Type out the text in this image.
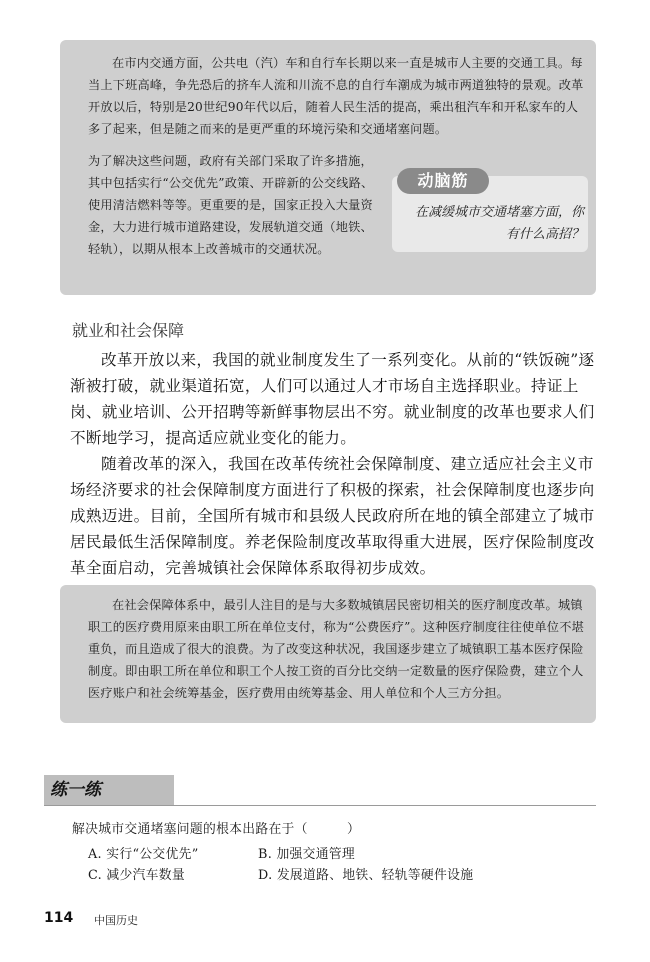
在市内交通方面，公共电（汽）车和自行车长期以来一直是城市人主要的交通工具。每当上下班高峰，争先恐后的挤车人流和川流不息的自行车潮成为城市两道独特的景观。改革开放以后，特别是20世纪90年代以后，随着人民生活的提高，乘出租汽车和开私家车的人多了起来，但是随之而来的是更严重的环境污染和交通堵塞问题。

为了解决这些问题，政府有关部门采取了许多措施，其中包括实行“公交优先”政策、开辟新的公交线路、使用清洁燃料等等。更重要的是，国家正投入大量资金，大力进行城市道路建设，发展轨道交通（地铁、轻轨），以期从根本上改善城市的交通状况。

动脑筋

在减缓城市交通堵塞方面，你有什么高招？

就业和社会保障

改革开放以来，我国的就业制度发生了一系列变化。从前的“铁饭碗”逐渐被打破，就业渠道拓宽，人们可以通过人才市场自主选择职业。持证上岗、就业培训、公开招聘等新鲜事物层出不穷。就业制度的改革也要求人们不断地学习，提高适应就业变化的能力。

随着改革的深入，我国在改革传统社会保障制度、建立适应社会主义市场经济要求的社会保障制度方面进行了积极的探索，社会保障制度也逐步向成熟迈进。目前，全国所有城市和县级人民政府所在地的镇全部建立了城市居民最低生活保障制度。养老保险制度改革取得重大进展，医疗保险制度改革全面启动，完善城镇社会保障体系取得初步成效。

在社会保障体系中，最引人注目的是与大多数城镇居民密切相关的医疗制度改革。城镇职工的医疗费用原来由职工所在单位支付，称为“公费医疗”。这种医疗制度往往使单位不堪重负，而且造成了很大的浪费。为了改变这种状况，我国逐步建立了城镇职工基本医疗保险制度。即由职工所在单位和职工个人按工资的百分比交纳一定数量的医疗保险费，建立个人医疗账户和社会统筹基金，医疗费用由统筹基金、用人单位和个人三方分担。

练一练

解决城市交通堵塞问题的根本出路在于（　　　）

A. 实行“公交优先”	B. 加强交通管理

C. 减少汽车数量	D. 发展道路、地铁、轻轨等硬件设施

114 中国历史
